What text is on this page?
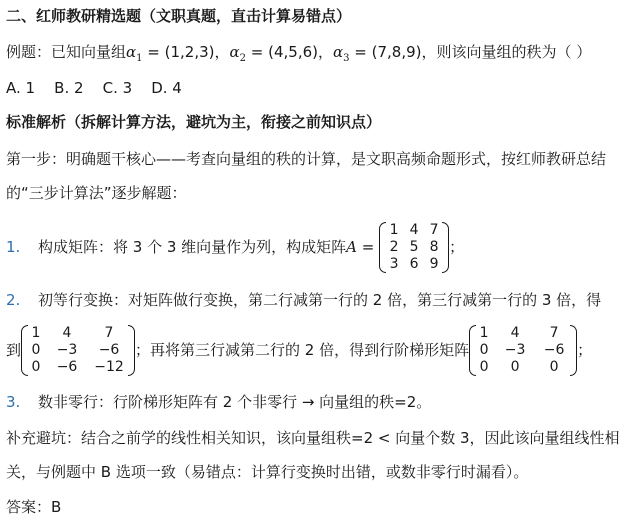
二、红师教研精选题（文职真题，直击计算易错点）
例题：已知向量组$\alpha_1 = (1,2,3)$，$\alpha_2 = (4,5,6)$，$\alpha_3 = (7,8,9)$，则该向量组的秩为（ ）
A. 1    B. 2    C. 3    D. 4
标准解析（拆解计算方法，避坑为主，衔接之前知识点）
第一步：明确题干核心——考查向量组的秩的计算，是文职高频命题形式，按红师教研总结
的“三步计算法”逐步解题：
1. 构成矩阵：将 3 个 3 维向量作为列，构成矩阵A =
1 4 7
2 5 8
3 6 9
；
2. 初等行变换：对矩阵做行变换，第二行减第一行的 2 倍，第三行减第一行的 3 倍，得
到
1	4	7
0	−3	−6
0	−6	−12
；再将第三行减第二行的 2 倍，得到行阶梯形矩阵
1	4	7
0	−3	−6
0	0	0
；
3. 数非零行：行阶梯形矩阵有 2 个非零行 → 向量组的秩=2。
补充避坑：结合之前学的线性相关知识，该向量组秩=2 < 向量个数 3，因此该向量组线性相
关，与例题中 B 选项一致（易错点：计算行变换时出错，或数非零行时漏看）。
答案：B
